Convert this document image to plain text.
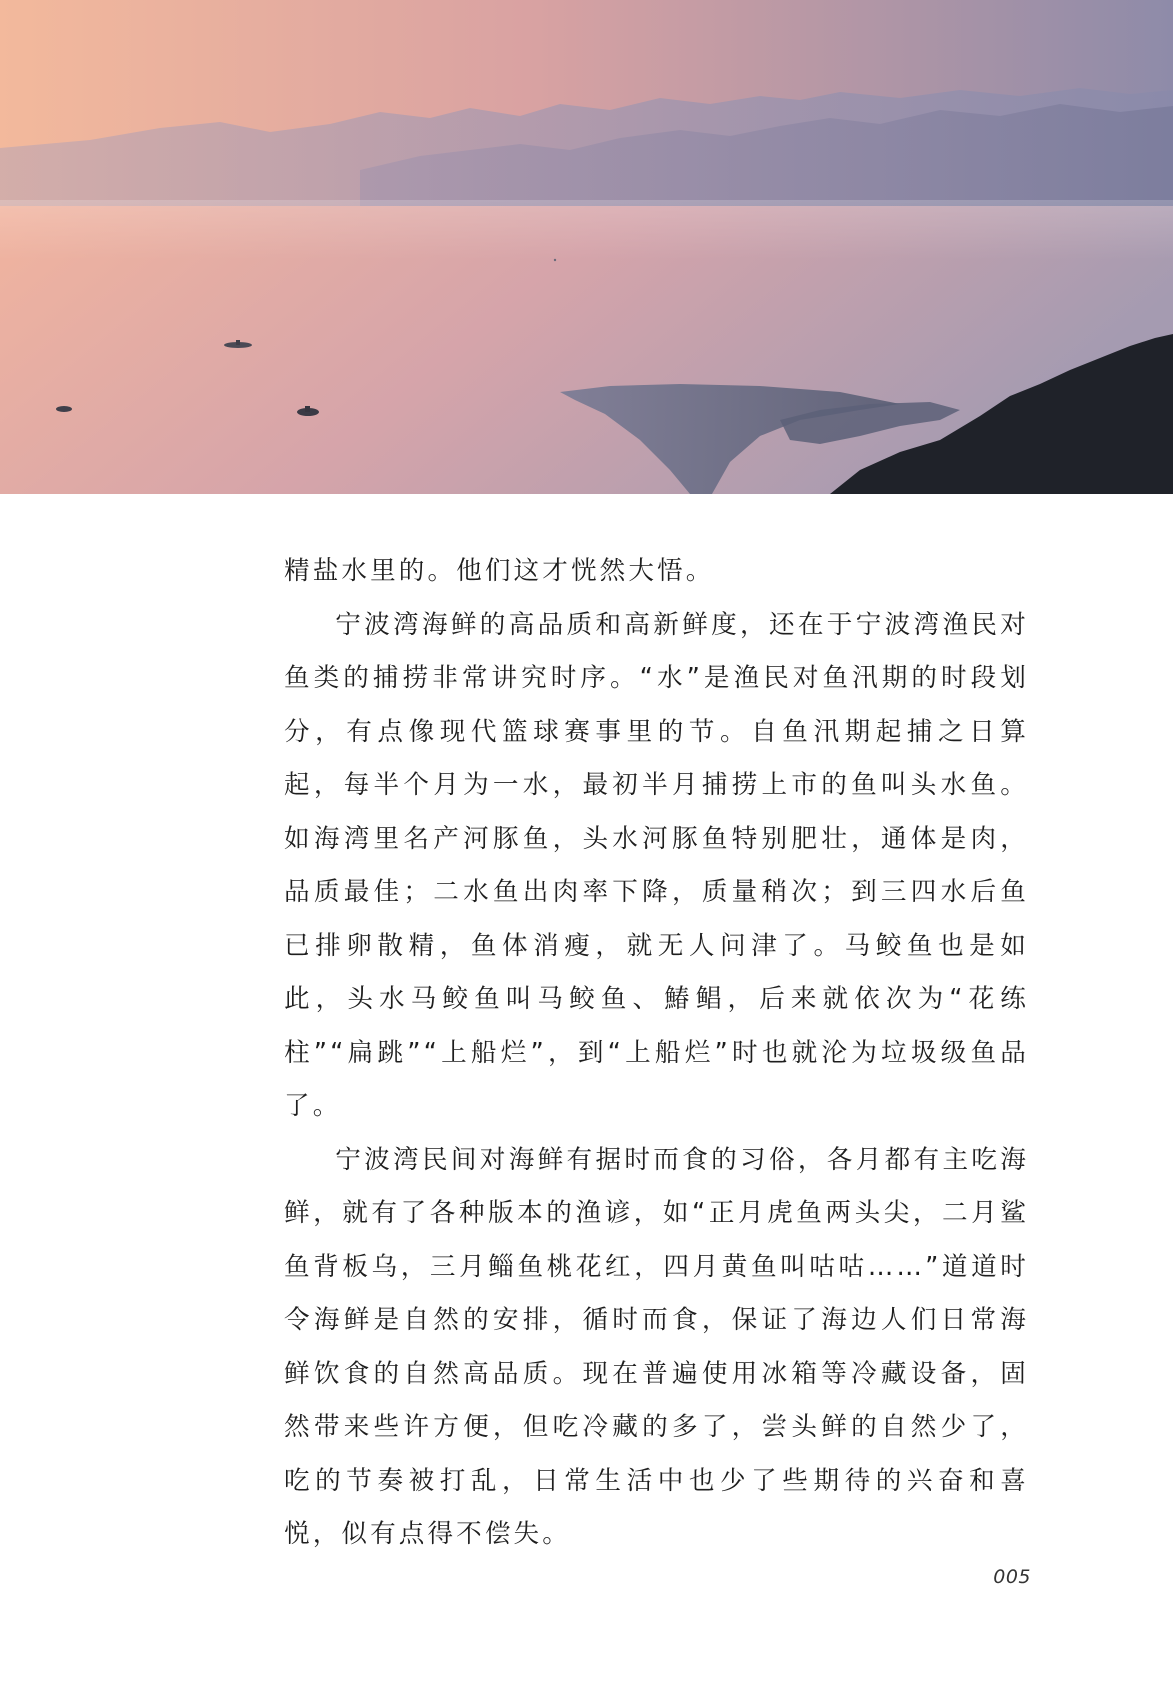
精盐水里的。他们这才恍然大悟。

宁波湾海鲜的高品质和高新鲜度，还在于宁波湾渔民对鱼类的捕捞非常讲究时序。“水”是渔民对鱼汛期的时段划分，有点像现代篮球赛事里的节。自鱼汛期起捕之日算起，每半个月为一水，最初半月捕捞上市的鱼叫头水鱼。如海湾里名产河豚鱼，头水河豚鱼特别肥壮，通体是肉，品质最佳；二水鱼出肉率下降，质量稍次；到三四水后鱼已排卵散精，鱼体消瘦，就无人问津了。马鲛鱼也是如此，头水马鲛鱼叫马鲛鱼、鰆鲳，后来就依次为“花练柱”“扁跳”“上船烂”，到“上船烂”时也就沦为垃圾级鱼品了。

宁波湾民间对海鲜有据时而食的习俗，各月都有主吃海鲜，就有了各种版本的渔谚，如“正月虎鱼两头尖，二月鲨鱼背板乌，三月鲻鱼桃花红，四月黄鱼叫咕咕……”道道时令海鲜是自然的安排，循时而食，保证了海边人们日常海鲜饮食的自然高品质。现在普遍使用冰箱等冷藏设备，固然带来些许方便，但吃冷藏的多了，尝头鲜的自然少了，吃的节奏被打乱，日常生活中也少了些期待的兴奋和喜悦，似有点得不偿失。

005
